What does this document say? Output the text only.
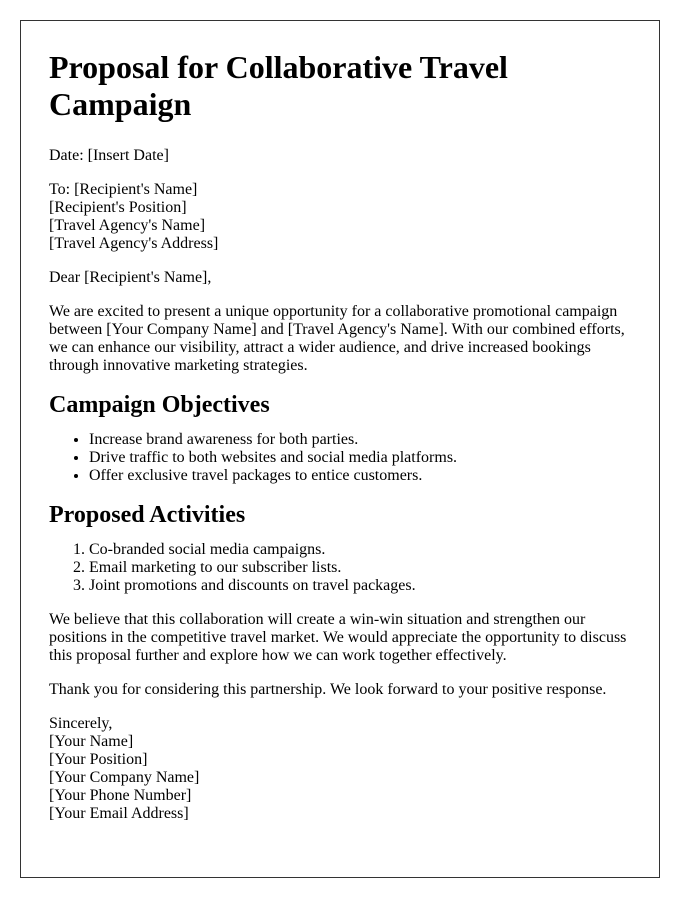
Proposal for Collaborative Travel Campaign

Date: [Insert Date]

To: [Recipient's Name]
[Recipient's Position]
[Travel Agency's Name]
[Travel Agency's Address]

Dear [Recipient's Name],

We are excited to present a unique opportunity for a collaborative promotional campaign between [Your Company Name] and [Travel Agency's Name]. With our combined efforts, we can enhance our visibility, attract a wider audience, and drive increased bookings through innovative marketing strategies.

Campaign Objectives
• Increase brand awareness for both parties.
• Drive traffic to both websites and social media platforms.
• Offer exclusive travel packages to entice customers.
Proposed Activities
1. Co-branded social media campaigns.
2. Email marketing to our subscriber lists.
3. Joint promotions and discounts on travel packages.

We believe that this collaboration will create a win-win situation and strengthen our positions in the competitive travel market. We would appreciate the opportunity to discuss this proposal further and explore how we can work together effectively.

Thank you for considering this partnership. We look forward to your positive response.

Sincerely,
[Your Name]
[Your Position]
[Your Company Name]
[Your Phone Number]
[Your Email Address]
